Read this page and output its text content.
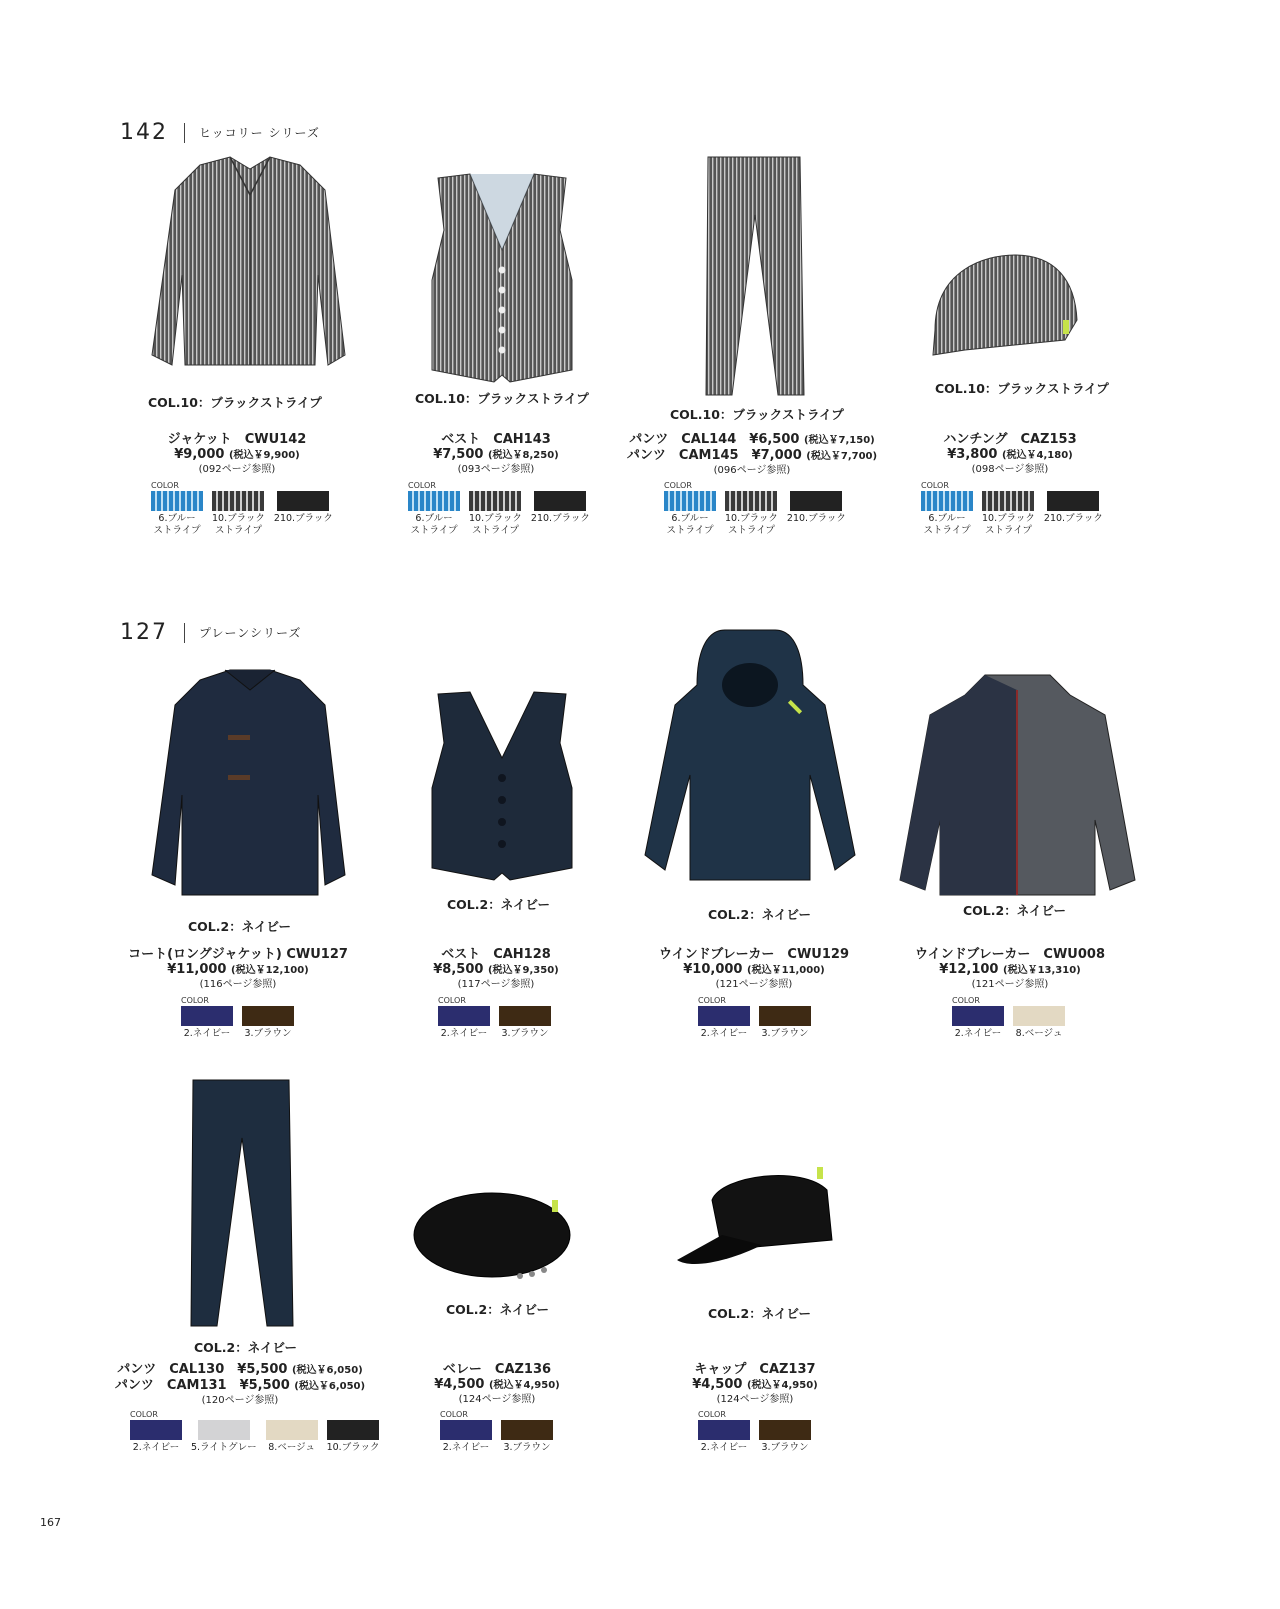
142	ヒッコリー シリーズ
COL.10：ブラックストライプ	COL.10：ブラックストライプ
COL.10：ブラックストライプ
COL.10：ブラックストライプ
ジャケット　CWU142
¥9,000 (税込￥9,900)
(092ページ参照)
ベスト　CAH143
¥7,500 (税込￥8,250)
(093ページ参照)
パンツ　CAL144　¥6,500 (税込￥7,150)
パンツ　CAM145　¥7,000 (税込￥7,700)
(096ページ参照)
ハンチング　CAZ153
¥3,800 (税込￥4,180)
(098ページ参照)
COLOR
6.ブルー
ストライプ
10.ブラック
ストライプ
210.ブラック
COLOR
6.ブルー
ストライプ
10.ブラック
ストライプ
210.ブラック
COLOR
6.ブルー
ストライプ
10.ブラック
ストライプ
210.ブラック
COLOR
6.ブルー
ストライプ
10.ブラック
ストライプ
210.ブラック
127	プレーンシリーズ
COL.2：ネイビー
COL.2：ネイビー
COL.2：ネイビー	COL.2：ネイビー
コート(ロングジャケット) CWU127
¥11,000 (税込￥12,100)
(116ページ参照)
ベスト　CAH128
¥8,500 (税込￥9,350)
(117ページ参照)
ウインドブレーカー　CWU129
¥10,000 (税込￥11,000)
(121ページ参照)
ウインドブレーカー　CWU008
¥12,100 (税込￥13,310)
(121ページ参照)
COLOR
2.ネイビー 3.ブラウン
COLOR
2.ネイビー 3.ブラウン
COLOR
2.ネイビー 3.ブラウン
COLOR
2.ネイビー 8.ベージュ
COL.2：ネイビー
COL.2：ネイビー	COL.2：ネイビー
パンツ　CAL130　¥5,500 (税込￥6,050)
パンツ　CAM131　¥5,500 (税込￥6,050)
(120ページ参照)
ベレー　CAZ136
¥4,500 (税込￥4,950)
(124ページ参照)
キャップ　CAZ137
¥4,500 (税込￥4,950)
(124ページ参照)
COLOR
2.ネイビー 5.ライトグレー 8.ベージュ 10.ブラック
COLOR
2.ネイビー 3.ブラウン
COLOR
2.ネイビー 3.ブラウン
167
